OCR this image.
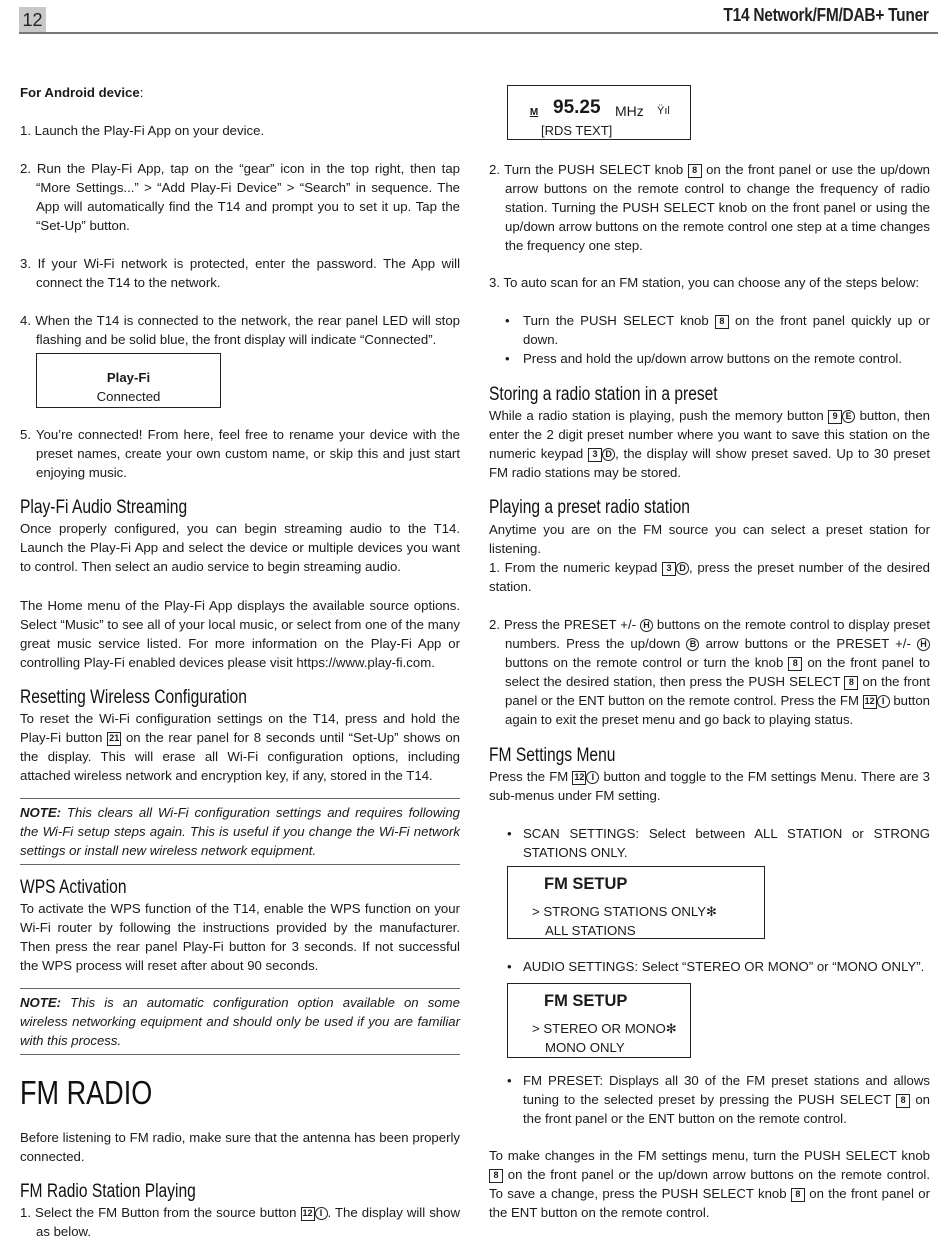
12	T14 Network/FM/DAB+ Tuner

For Android device:

1. Launch the Play-Fi App on your device.

2. Run the Play-Fi App, tap on the “gear” icon in the top right, then tap “More Settings...” > “Add Play-Fi Device” > “Search” in sequence. The App will automatically find the T14 and prompt you to set it up. Tap the “Set-Up” button.

3. If your Wi-Fi network is protected, enter the password. The App will connect the T14 to the network.

4. When the T14 is connected to the network, the rear panel LED will stop flashing and be solid blue, the front display will indicate “Connected”.

Play-Fi
Connected

5. You’re connected! From here, feel free to rename your device with the preset names, create your own custom name, or skip this and just start enjoying music.

Play-Fi Audio Streaming

Once properly configured, you can begin streaming audio to the T14. Launch the Play-Fi App and select the device or multiple devices you want to control. Then select an audio service to begin streaming audio.

The Home menu of the Play-Fi App displays the available source options. Select “Music” to see all of your local music, or select from one of the many great music service listed. For more information on the Play-Fi App or controlling Play-Fi enabled devices please visit https://www.play-fi.com.

Resetting Wireless Configuration

To reset the Wi-Fi configuration settings on the T14, press and hold the Play-Fi button 21 on the rear panel for 8 seconds until “Set-Up” shows on the display. This will erase all Wi-Fi configuration options, including attached wireless network and encryption key, if any, stored in the T14.

NOTE: This clears all Wi-Fi configuration settings and requires following the Wi-Fi setup steps again. This is useful if you change the Wi-Fi network settings or install new wireless network equipment.
WPS Activation

To activate the WPS function of the T14, enable the WPS function on your Wi-Fi router by following the instructions provided by the manufacturer. Then press the rear panel Play-Fi button for 3 seconds. If not successful the WPS process will reset after about 90 seconds.

NOTE: This is an automatic configuration option available on some wireless networking equipment and should only be used if you are familiar with this process.
FM RADIO

Before listening to FM radio, make sure that the antenna has been properly connected.

FM Radio Station Playing

1. Select the FM Button from the source button 12 I . The display will show as below.

M 95.25 MHz Ÿıl
[RDS TEXT]

2. Turn the PUSH SELECT knob 8 on the front panel or use the up/down arrow buttons on the remote control to change the frequency of radio station. Turning the PUSH SELECT knob on the front panel or using the up/down arrow buttons on the remote control one step at a time changes the frequency one step.

3. To auto scan for an FM station, you can choose any of the steps below:

• Turn the PUSH SELECT knob 8 on the front panel quickly up or down.

• Press and hold the up/down arrow buttons on the remote control.

Storing a radio station in a preset

While a radio station is playing, push the memory button 9 E button, then enter the 2 digit preset number where you want to save this station on the numeric keypad 3 D , the display will show preset saved. Up to 30 preset FM radio stations may be stored.

Playing a preset radio station

Anytime you are on the FM source you can select a preset station for listening.

1. From the numeric keypad 3 D , press the preset number of the desired station.

2. Press the PRESET +/- H buttons on the remote control to display preset numbers. Press the up/down B arrow buttons or the PRESET +/- H buttons on the remote control or turn the knob 8 on the front panel to select the desired station, then press the PUSH SELECT 8 on the front panel or the ENT button on the remote control. Press the FM 12 I button again to exit the preset menu and go back to playing status.

FM Settings Menu

Press the FM 12 I button and toggle to the FM settings Menu. There are 3 sub-menus under FM setting.

• SCAN SETTINGS: Select between ALL STATION or STRONG STATIONS ONLY.

FM SETUP
> STRONG STATIONS ONLY✻
ALL STATIONS

• AUDIO SETTINGS: Select “STEREO OR MONO” or “MONO ONLY”.

FM SETUP
> STEREO OR MONO✻
MONO ONLY

• FM PRESET: Displays all 30 of the FM preset stations and allows tuning to the selected preset by pressing the PUSH SELECT 8 on the front panel or the ENT button on the remote control.

To make changes in the FM settings menu, turn the PUSH SELECT knob 8 on the front panel or the up/down arrow buttons on the remote control. To save a change, press the PUSH SELECT knob 8 on the front panel or the ENT button on the remote control.
